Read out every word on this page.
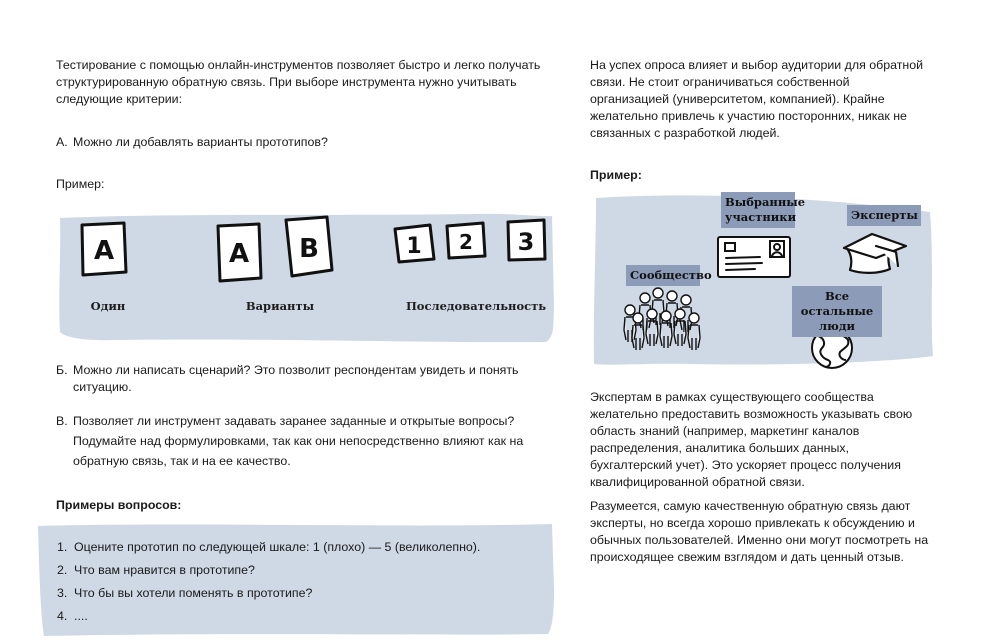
Тестирование с помощью онлайн-инструментов позволяет быстро и легко получать структурированную обратную связь. При выборе инструмента нужно учитывать следующие критерии:

А. Можно ли добавлять варианты прототипов?

Пример:

A	A B	1 2 3
Один	Варианты	Последовательность
Б. Можно ли написать сценарий? Это позволит респондентам увидеть и понять ситуацию.
В. Позволяет ли инструмент задавать заранее заданные и открытые вопросы? Подумайте над формулировками, так как они непосредственно влияют как на обратную связь, так и на ее качество.

Примеры вопросов:

1. Оцените прототип по следующей шкале: 1 (плохо) — 5 (великолепно).
2. Что вам нравится в прототипе?
3. Что бы вы хотели поменять в прототипе?
4. ....

На успех опроса влияет и выбор аудитории для обратной связи. Не стоит ограничиваться собственной организацией (университетом, компанией). Крайне желательно привлечь к участию посторонних, никак не связанных с разработкой людей.

Пример:

Выбранные участники	Эксперты
Сообщество
Все остальные люди

Экспертам в рамках существующего сообщества желательно предоставить возможность указывать свою область знаний (например, маркетинг каналов распределения, аналитика больших данных, бухгалтерский учет). Это ускоряет процесс получения квалифицированной обратной связи.

Разумеется, самую качественную обратную связь дают эксперты, но всегда хорошо привлекать к обсуждению и обычных пользователей. Именно они могут посмотреть на происходящее свежим взглядом и дать ценный отзыв.
